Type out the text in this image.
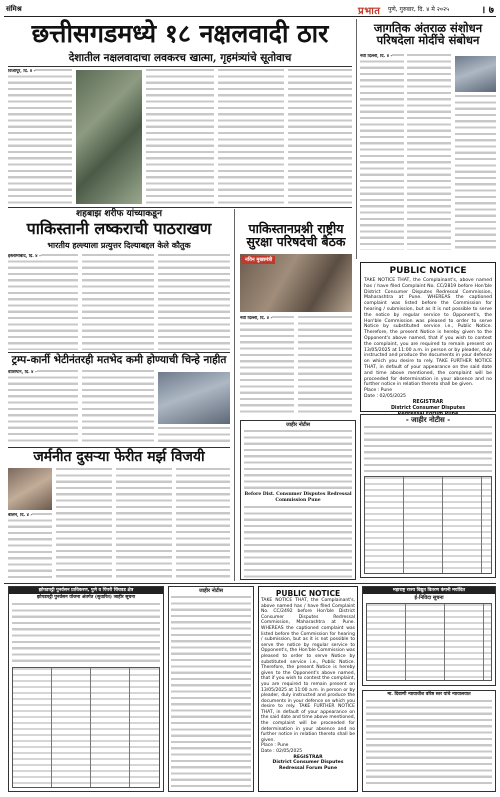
संमिश्र	प्रभात पुणे, गुरुवार, दि. ४ मे २०२५	। ७
छत्तीसगडमध्ये १८ नक्षलवादी ठार
देशातील नक्षलवादाचा लवकरच खात्मा, गृहमंत्र्यांचे सूतोवाच
विजापूर, दि. ४ -
शहबाझ शरीफ यांच्याकडून
पाकिस्तानी लष्कराची पाठराखण
भारतीय हल्ल्याला प्रत्युत्तर दिल्याबद्दल केले कौतुक
इस्लामाबाद, दि. ४ -
पाकिस्तानप्रश्नी राष्ट्रीय सुरक्षा परिषदेची बैठक
नविन मुख्यमंत्री
नवी दिल्ली, दि. ४ -
ट्रम्प-कार्नी भेटीनंतरही मतभेद कमी होण्याची चिन्हे नाहीत
वॉशिंग्टन, दि. ४ -
जर्मनीत दुसऱ्या फेरीत मर्झ विजयी
बर्लिन, दि. ४ -
जागतिक अंतराळ संशोधन परिषदेला मोदींचे संबोधन
नवी दिल्ली, दि. ४ -
PUBLIC NOTICE
TAKE NOTICE THAT, the Complainant's, above named has / have filed Complaint No. CC/2819 before Hon'ble District Consumer Disputes Redressal Commission, Maharashtra at Pune. WHEREAS the captioned complaint was listed before the Commission for hearing / submission, but as it is not possible to serve the notice by regular service to Opponent's, the Hon'ble Commission was pleased to order to serve Notice by substituted service i.e., Public Notice. Therefore, the present Notice is hereby given to the Opponent's above named, that if you wish to contest the complaint, you are required to remain present on 13/05/2025 at 11:00 a.m. in person or by pleader, duly instructed and produce the documents in your defence on which you desire to rely. TAKE FURTHER NOTICE THAT, in default of your appearance on the said date and time above mentioned, the complaint will be proceeded for determination in your absence and no further notice in relation thereto shall be given.
Place : Pune
Date : 02/05/2025
REGISTRAR
District Consumer Disputes
Redressal Forum Pune
- जाहीर नोटीस -
जाहीर नोटीस
Before Dist. Consumer Disputes Redressal Commission Pune
झोपडपट्टी पुनर्वसन प्राधिकरण, पुणे व पिंपरी चिंचवड क्षेत्र
झोपडपट्टी पुनर्वसन योजना अंतर्गत (सुधारित) जाहीर सूचना
जाहीर नोटीस	PUBLIC NOTICE
TAKE NOTICE THAT, the Complainant's, above named has / have filed Complaint No. CC/2492 before Hon'ble District Consumer Disputes Redressal Commission, Maharashtra at Pune. WHEREAS the captioned complaint was listed before the Commission for hearing / submission, but as it is not possible to serve the notice by regular service to Opponent's, the Hon'ble Commission was pleased to order to serve Notice by substituted service i.e., Public Notice. Therefore, the present Notice is hereby given to the Opponent's above named, that if you wish to contest the complaint, you are required to remain present on 13/05/2025 at 11:00 a.m. in person or by pleader, duly instructed and produce the documents in your defence on which you desire to rely. TAKE FURTHER NOTICE THAT, in default of your appearance on the said date and time above mentioned, the complaint will be proceeded for determination in your absence and no further notice in relation thereto shall be given.
Place : Pune
Date : 02/05/2025
REGISTRAR
District Consumer Disputes
Redressal Forum Pune
महाराष्ट्र राज्य विद्युत वितरण कंपनी मर्यादित
ई-निविदा सूचना
मा. दिवाणी न्यायाधीश वरिष्ठ स्तर यांचे न्यायालयात
